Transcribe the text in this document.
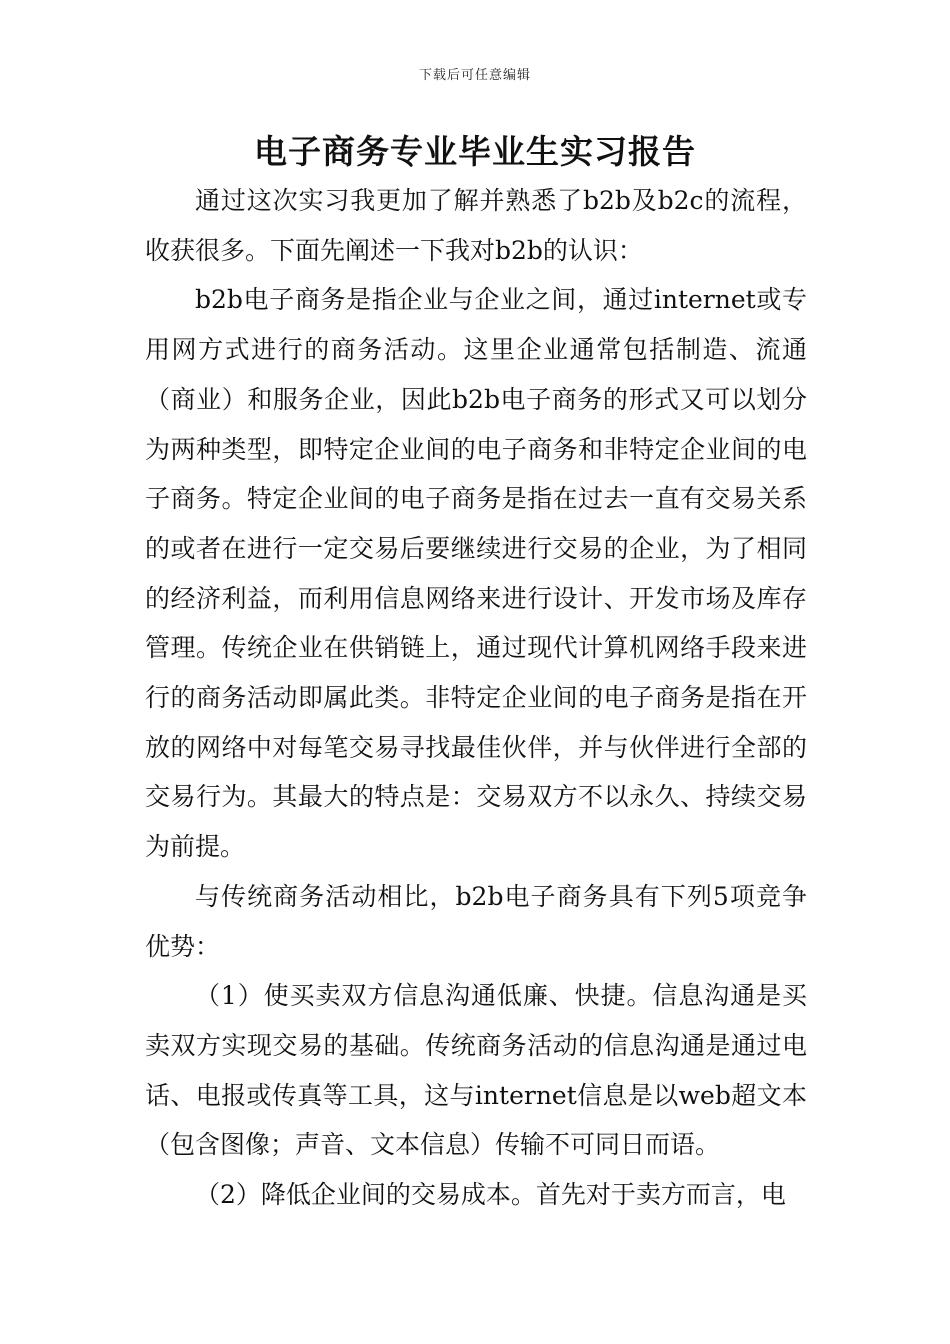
下载后可任意编辑
电子商务专业毕业生实习报告

通过这次实习我更加了解并熟悉了b2b及b2c的流程，收获很多。下面先阐述一下我对b2b的认识：

b2b电子商务是指企业与企业之间，通过internet或专用网方式进行的商务活动。这里企业通常包括制造、流通（商业）和服务企业，因此b2b电子商务的形式又可以划分为两种类型，即特定企业间的电子商务和非特定企业间的电子商务。特定企业间的电子商务是指在过去一直有交易关系的或者在进行一定交易后要继续进行交易的企业，为了相同的经济利益，而利用信息网络来进行设计、开发市场及库存管理。传统企业在供销链上，通过现代计算机网络手段来进行的商务活动即属此类。非特定企业间的电子商务是指在开放的网络中对每笔交易寻找最佳伙伴，并与伙伴进行全部的交易行为。其最大的特点是：交易双方不以永久、持续交易为前提。

与传统商务活动相比，b2b电子商务具有下列5项竞争优势：

（1）使买卖双方信息沟通低廉、快捷。信息沟通是买卖双方实现交易的基础。传统商务活动的信息沟通是通过电话、电报或传真等工具，这与internet信息是以web超文本（包含图像；声音、文本信息）传输不可同日而语。

（2）降低企业间的交易成本。首先对于卖方而言，电
